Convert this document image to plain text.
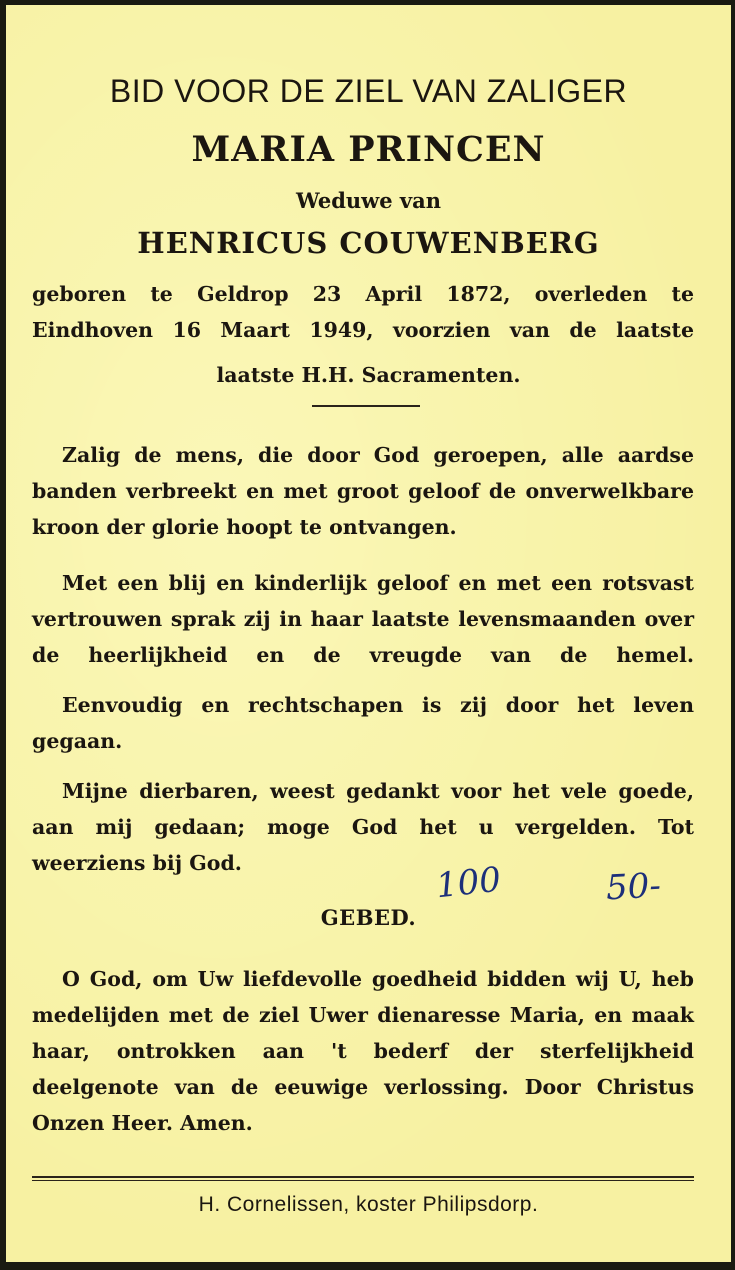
BID VOOR DE ZIEL VAN ZALIGER
MARIA PRINCEN
Weduwe van
HENRICUS COUWENBERG
geboren te Geldrop 23 April 1872, overleden te Eindhoven 16 Maart 1949, voorzien van de laatste
laatste H.H. Sacramenten.
Zalig de mens, die door God geroepen, alle aardse banden verbreekt en met groot geloof de onverwelkbare kroon der glorie hoopt te ontvangen.
Met een blij en kinderlijk geloof en met een rotsvast vertrouwen sprak zij in haar laatste levensmaanden over de heerlijkheid en de vreugde van de hemel.
Eenvoudig en rechtschapen is zij door het leven gegaan.
Mijne dierbaren, weest gedankt voor het vele goede, aan mij gedaan; moge God het u vergelden. Tot weerziens bij God.	100	50-
GEBED.
O God, om Uw liefdevolle goedheid bidden wij U, heb medelijden met de ziel Uwer dienaresse Maria, en maak haar, ontrokken aan 't bederf der sterfelijkheid deelgenote van de eeuwige verlossing. Door Christus Onzen Heer. Amen.
H. Cornelissen, koster Philipsdorp.
